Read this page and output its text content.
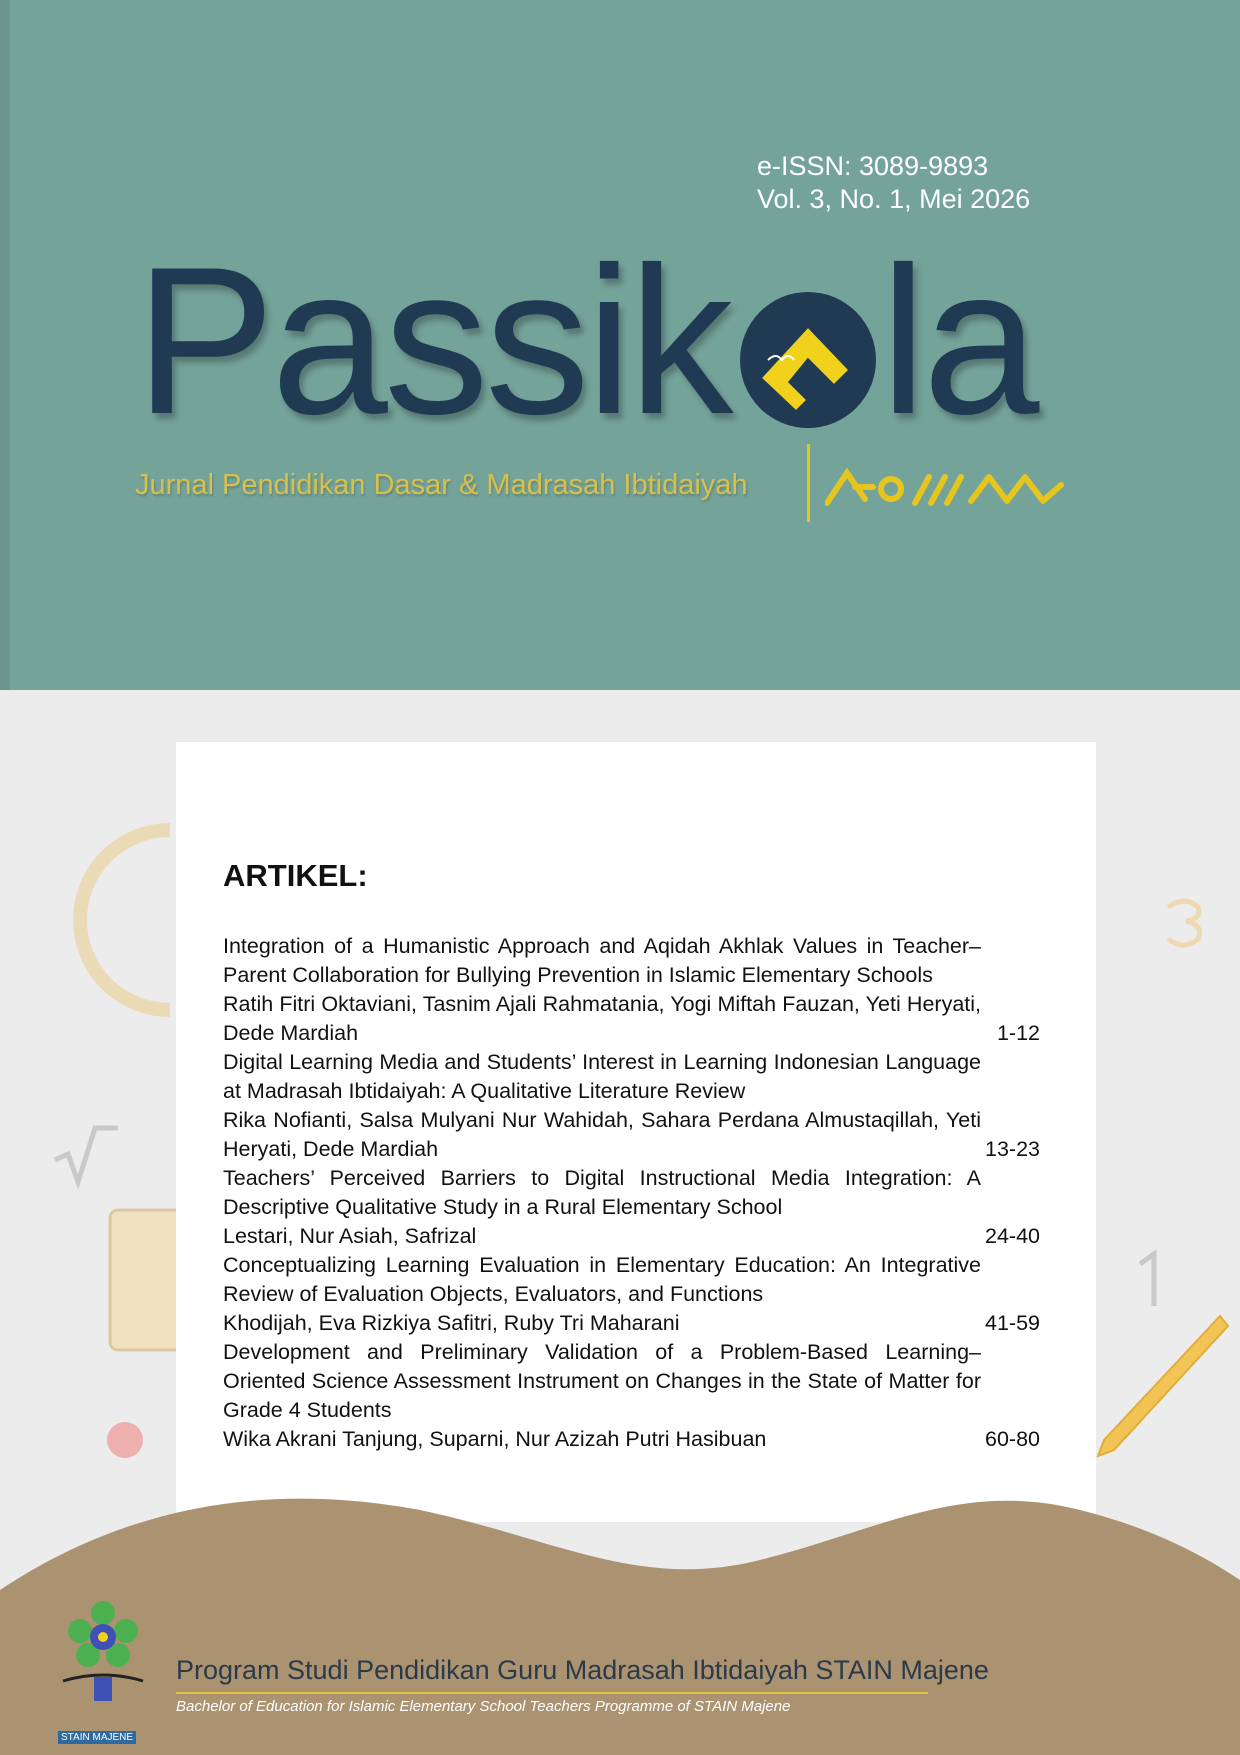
e-ISSN: 3089-9893
Vol. 3, No. 1, Mei 2026
Passik la
Jurnal Pendidikan Dasar & Madrasah Ibtidaiyah
ARTIKEL:
Integration of a Humanistic Approach and Aqidah Akhlak Values in Teacher–Parent Collaboration for Bullying Prevention in Islamic Elementary Schools
Ratih Fitri Oktaviani, Tasnim Ajali Rahmatania, Yogi Miftah Fauzan, Yeti Heryati, Dede Mardiah	1-12
Digital Learning Media and Students’ Interest in Learning Indonesian Language at Madrasah Ibtidaiyah: A Qualitative Literature Review
Rika Nofianti, Salsa Mulyani Nur Wahidah, Sahara Perdana Almustaqillah, Yeti Heryati, Dede Mardiah	13-23
Teachers’ Perceived Barriers to Digital Instructional Media Integration: A Descriptive Qualitative Study in a Rural Elementary School
Lestari, Nur Asiah, Safrizal	24-40
Conceptualizing Learning Evaluation in Elementary Education: An Integrative Review of Evaluation Objects, Evaluators, and Functions
Khodijah, Eva Rizkiya Safitri, Ruby Tri Maharani	41-59
Development and Preliminary Validation of a Problem-Based Learning–Oriented Science Assessment Instrument on Changes in the State of Matter for Grade 4 Students
Wika Akrani Tanjung, Suparni, Nur Azizah Putri Hasibuan	60-80
STAIN MAJENE
Program Studi Pendidikan Guru Madrasah Ibtidaiyah STAIN Majene
Bachelor of Education for Islamic Elementary School Teachers Programme of STAIN Majene
